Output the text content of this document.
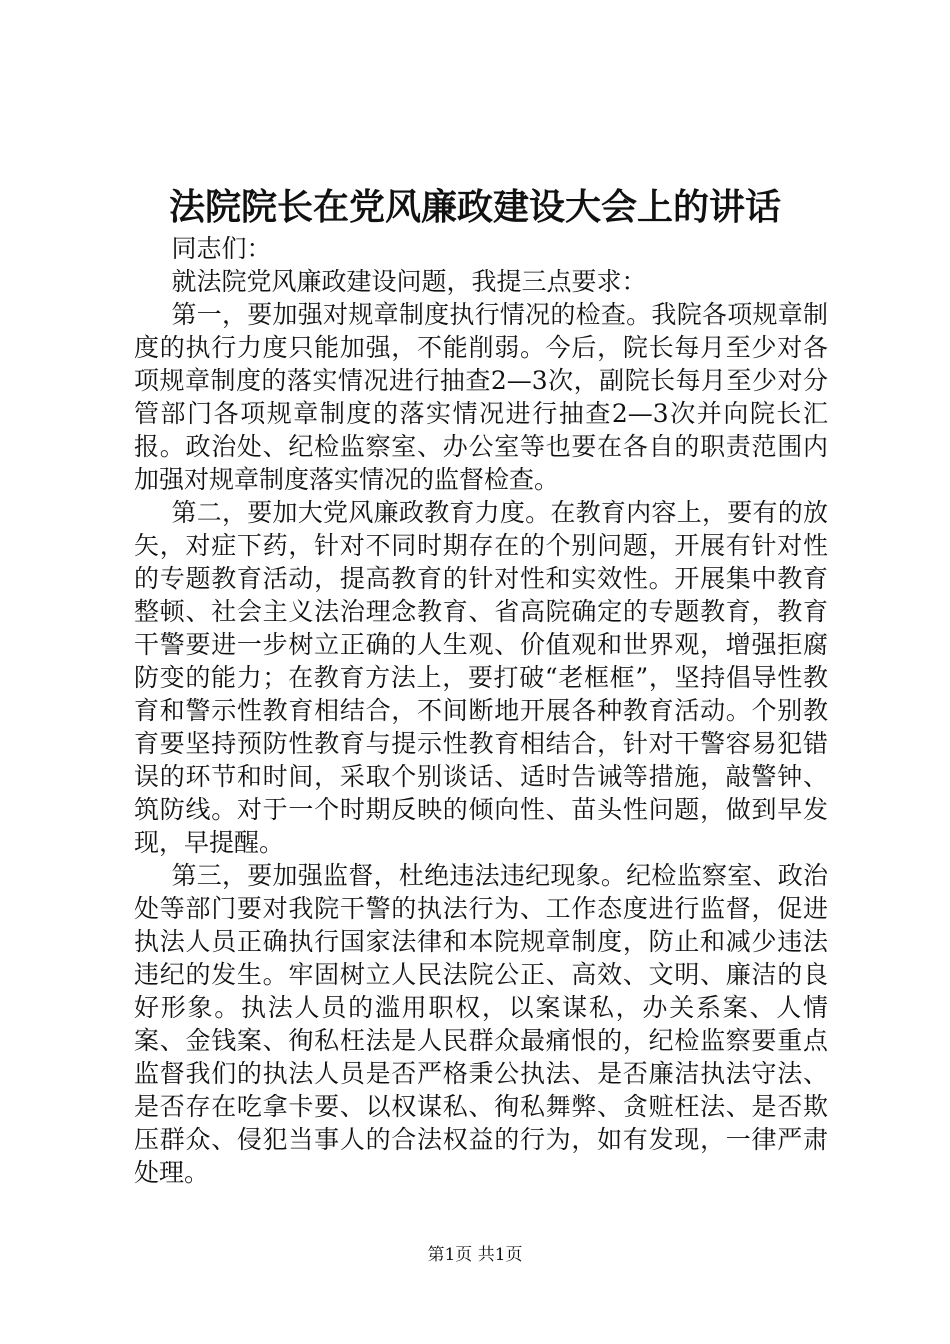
法院院长在党风廉政建设大会上的讲话

同志们：

就法院党风廉政建设问题，我提三点要求：

第一，要加强对规章制度执行情况的检查。我院各项规章制度的执行力度只能加强，不能削弱。今后，院长每月至少对各项规章制度的落实情况进行抽查2—3次，副院长每月至少对分管部门各项规章制度的落实情况进行抽查2—3次并向院长汇报。政治处、纪检监察室、办公室等也要在各自的职责范围内加强对规章制度落实情况的监督检查。

第二，要加大党风廉政教育力度。在教育内容上，要有的放矢，对症下药，针对不同时期存在的个别问题，开展有针对性的专题教育活动，提高教育的针对性和实效性。开展集中教育整顿、社会主义法治理念教育、省高院确定的专题教育，教育干警要进一步树立正确的人生观、价值观和世界观，增强拒腐防变的能力；在教育方法上，要打破“老框框”，坚持倡导性教育和警示性教育相结合，不间断地开展各种教育活动。个别教育要坚持预防性教育与提示性教育相结合，针对干警容易犯错误的环节和时间，采取个别谈话、适时告诫等措施，敲警钟、筑防线。对于一个时期反映的倾向性、苗头性问题，做到早发现，早提醒。

第三，要加强监督，杜绝违法违纪现象。纪检监察室、政治处等部门要对我院干警的执法行为、工作态度进行监督，促进执法人员正确执行国家法律和本院规章制度，防止和减少违法违纪的发生。牢固树立人民法院公正、高效、文明、廉洁的良好形象。执法人员的滥用职权，以案谋私，办关系案、人情案、金钱案、徇私枉法是人民群众最痛恨的，纪检监察要重点监督我们的执法人员是否严格秉公执法、是否廉洁执法守法、是否存在吃拿卡要、以权谋私、徇私舞弊、贪赃枉法、是否欺压群众、侵犯当事人的合法权益的行为，如有发现，一律严肃处理。

第1页 共1页
